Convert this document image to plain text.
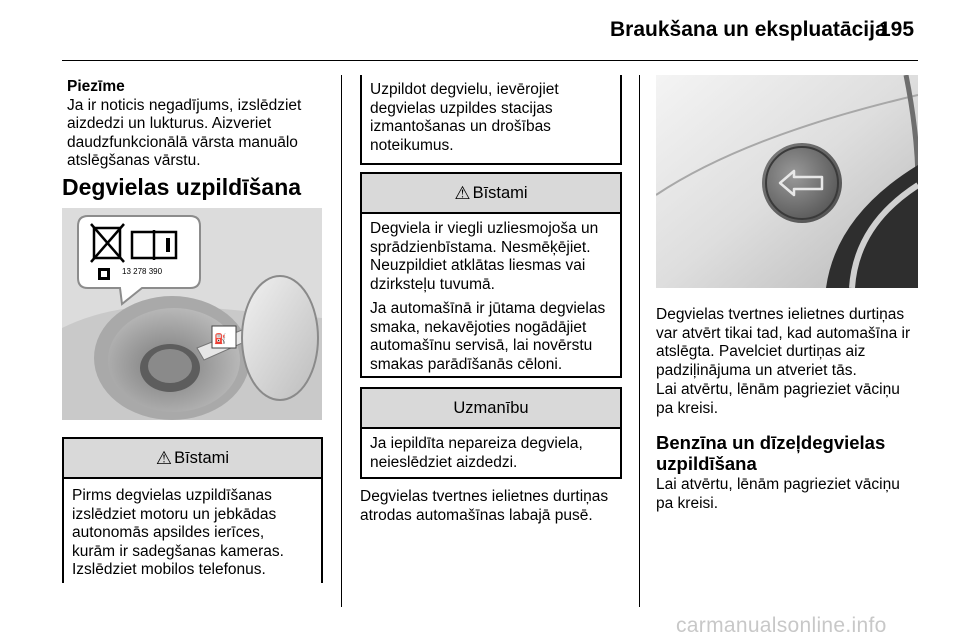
Braukšana un ekspluatācija
195
Piezīme
Ja ir noticis negadījums, izslēdziet
aizdedzi un lukturus. Aizveriet
daudzfunkcionālā vārsta manuālo
atslēgšanas vārstu.
Degvielas uzpildīšana
⛽
13 278 390
⚠ Bīstami
Pirms degvielas uzpildīšanas
izslēdziet motoru un jebkādas
autonomās apsildes ierīces,
kurām ir sadegšanas kameras.
Izslēdziet mobilos telefonus.
Uzpildot degvielu, ievērojiet
degvielas uzpildes stacijas
izmantošanas un drošības
noteikumus.
⚠ Bīstami

Degviela ir viegli uzliesmojoša un
sprādzienbīstama. Nesmēķējiet.
Neuzpildiet atklātas liesmas vai
dzirksteļu tuvumā.

Ja automašīnā ir jūtama degvielas
smaka, nekavējoties nogādājiet
automašīnu servisā, lai novērstu
smakas parādīšanās cēloni.

Uzmanību
Ja iepildīta nepareiza degviela,
neieslēdziet aizdedzi.
Degvielas tvertnes ielietnes durtiņas
atrodas automašīnas labajā pusē.
Degvielas tvertnes ielietnes durtiņas
var atvērt tikai tad, kad automašīna ir
atslēgta. Pavelciet durtiņas aiz
padziļinājuma un atveriet tās.
Lai atvērtu, lēnām pagrieziet vāciņu
pa kreisi.
Benzīna un dīzeļdegvielas
uzpildīšana
Lai atvērtu, lēnām pagrieziet vāciņu
pa kreisi.
carmanualsonline.info
